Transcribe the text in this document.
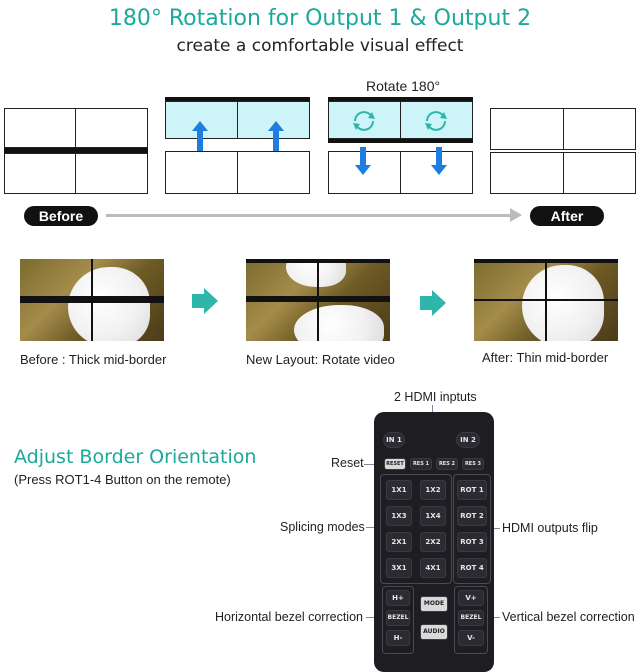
180° Rotation for Output 1 & Output 2
create a comfortable visual effect
Rotate 180°
Before	After
Before : Thick mid-border	New Layout: Rotate video	After: Thin mid-border
Adjust Border Orientation
(Press ROT1-4 Button on the remote)
2 HDMI inptuts
Reset
Splicing modes	HDMI outputs flip
Horizontal bezel correction	Vertical bezel correction
IN 1	IN 2
RESET	RES 1	RES 2	RES 3
1X1	1X2	ROT 1
1X3	1X4	ROT 2
2X1	2X2	ROT 3
3X1	4X1	ROT 4
H+
BEZEL
H-
MODE
AUDIO
V+
BEZEL
V-
